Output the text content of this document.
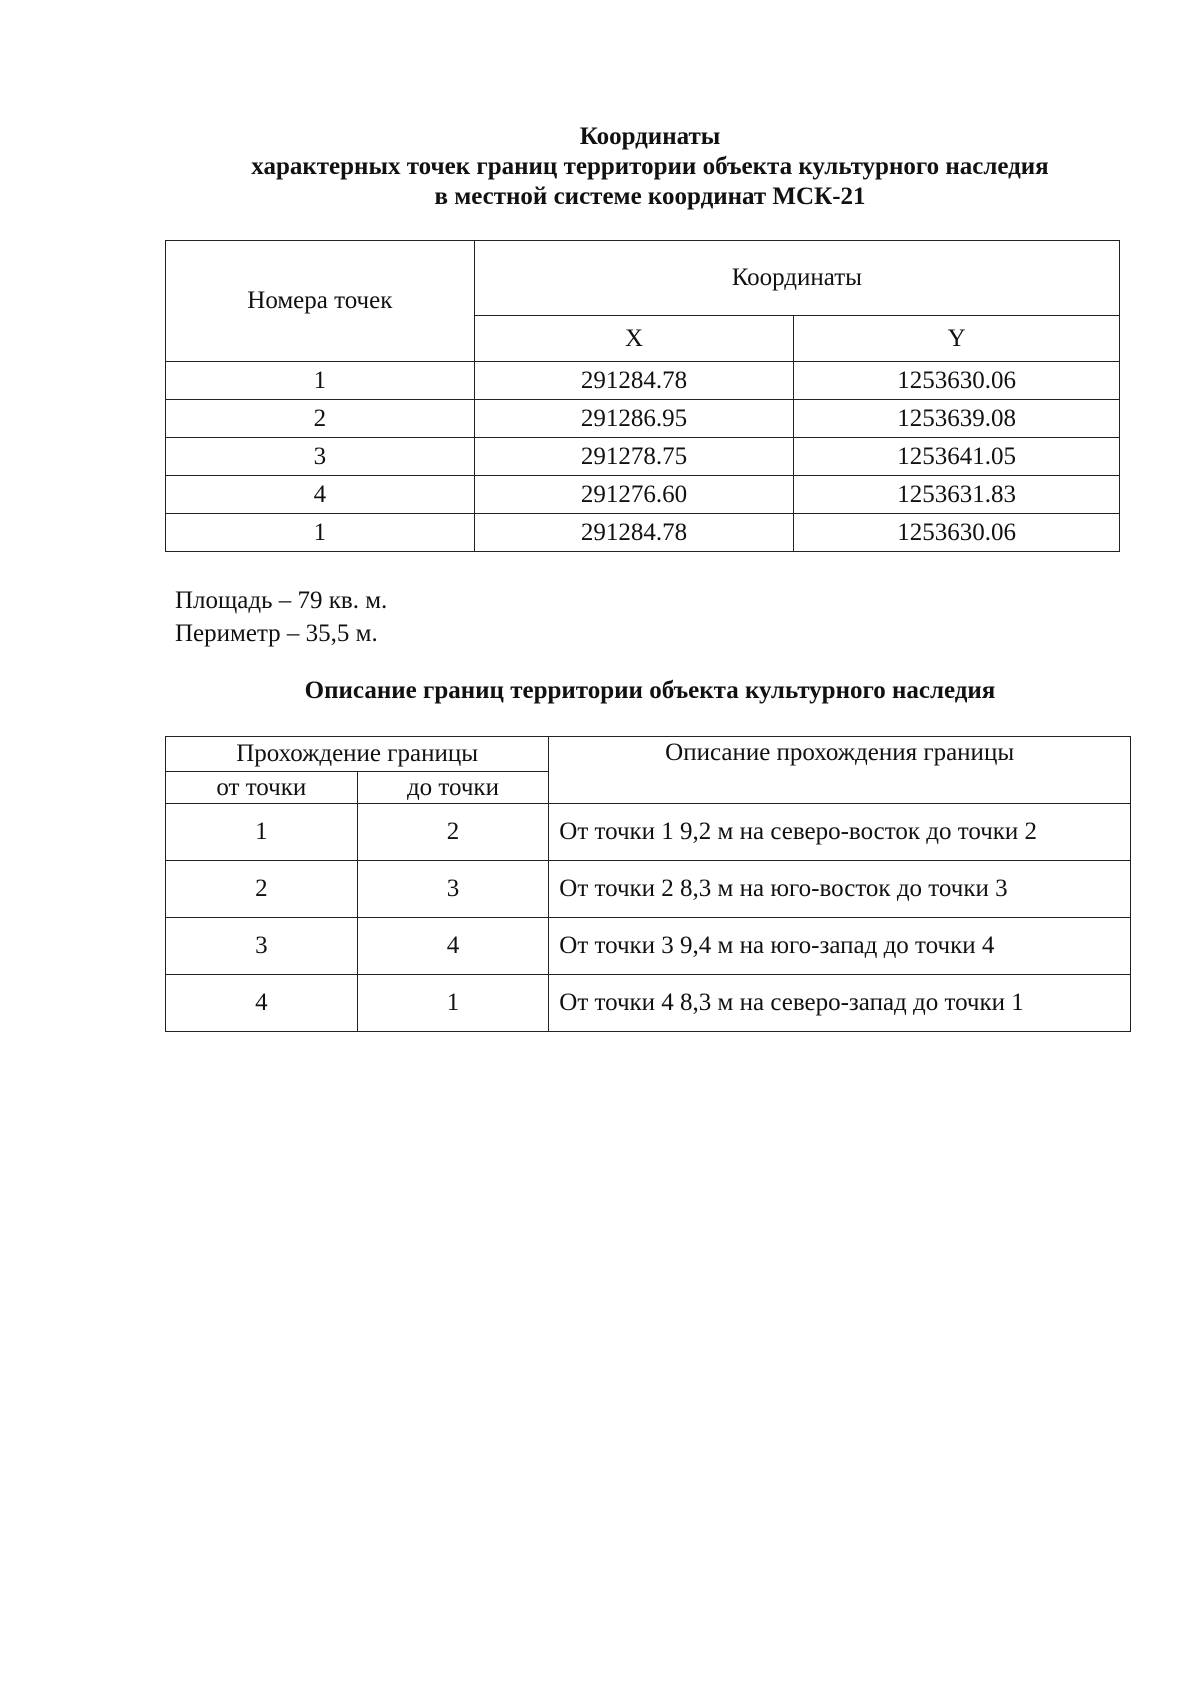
Координаты
характерных точек границ территории объекта культурного наследия
в местной системе координат МСК-21
Номера точек	Координаты	
	X	Y
1	291284.78	1253630.06
2	291286.95	1253639.08
3	291278.75	1253641.05
4	291276.60	1253631.83
1	291284.78	1253630.06
Площадь – 79 кв. м.
Периметр – 35,5 м.
Описание границ территории объекта культурного наследия
Прохождение границы		Описание прохождения границы
от точки	до точки	
1	2	От точки 1 9,2 м на северо-восток до точки 2
2	3	От точки 2 8,3 м на юго-восток до точки 3
3	4	От точки 3 9,4 м на юго-запад до точки 4
4	1	От точки 4 8,3 м на северо-запад до точки 1
